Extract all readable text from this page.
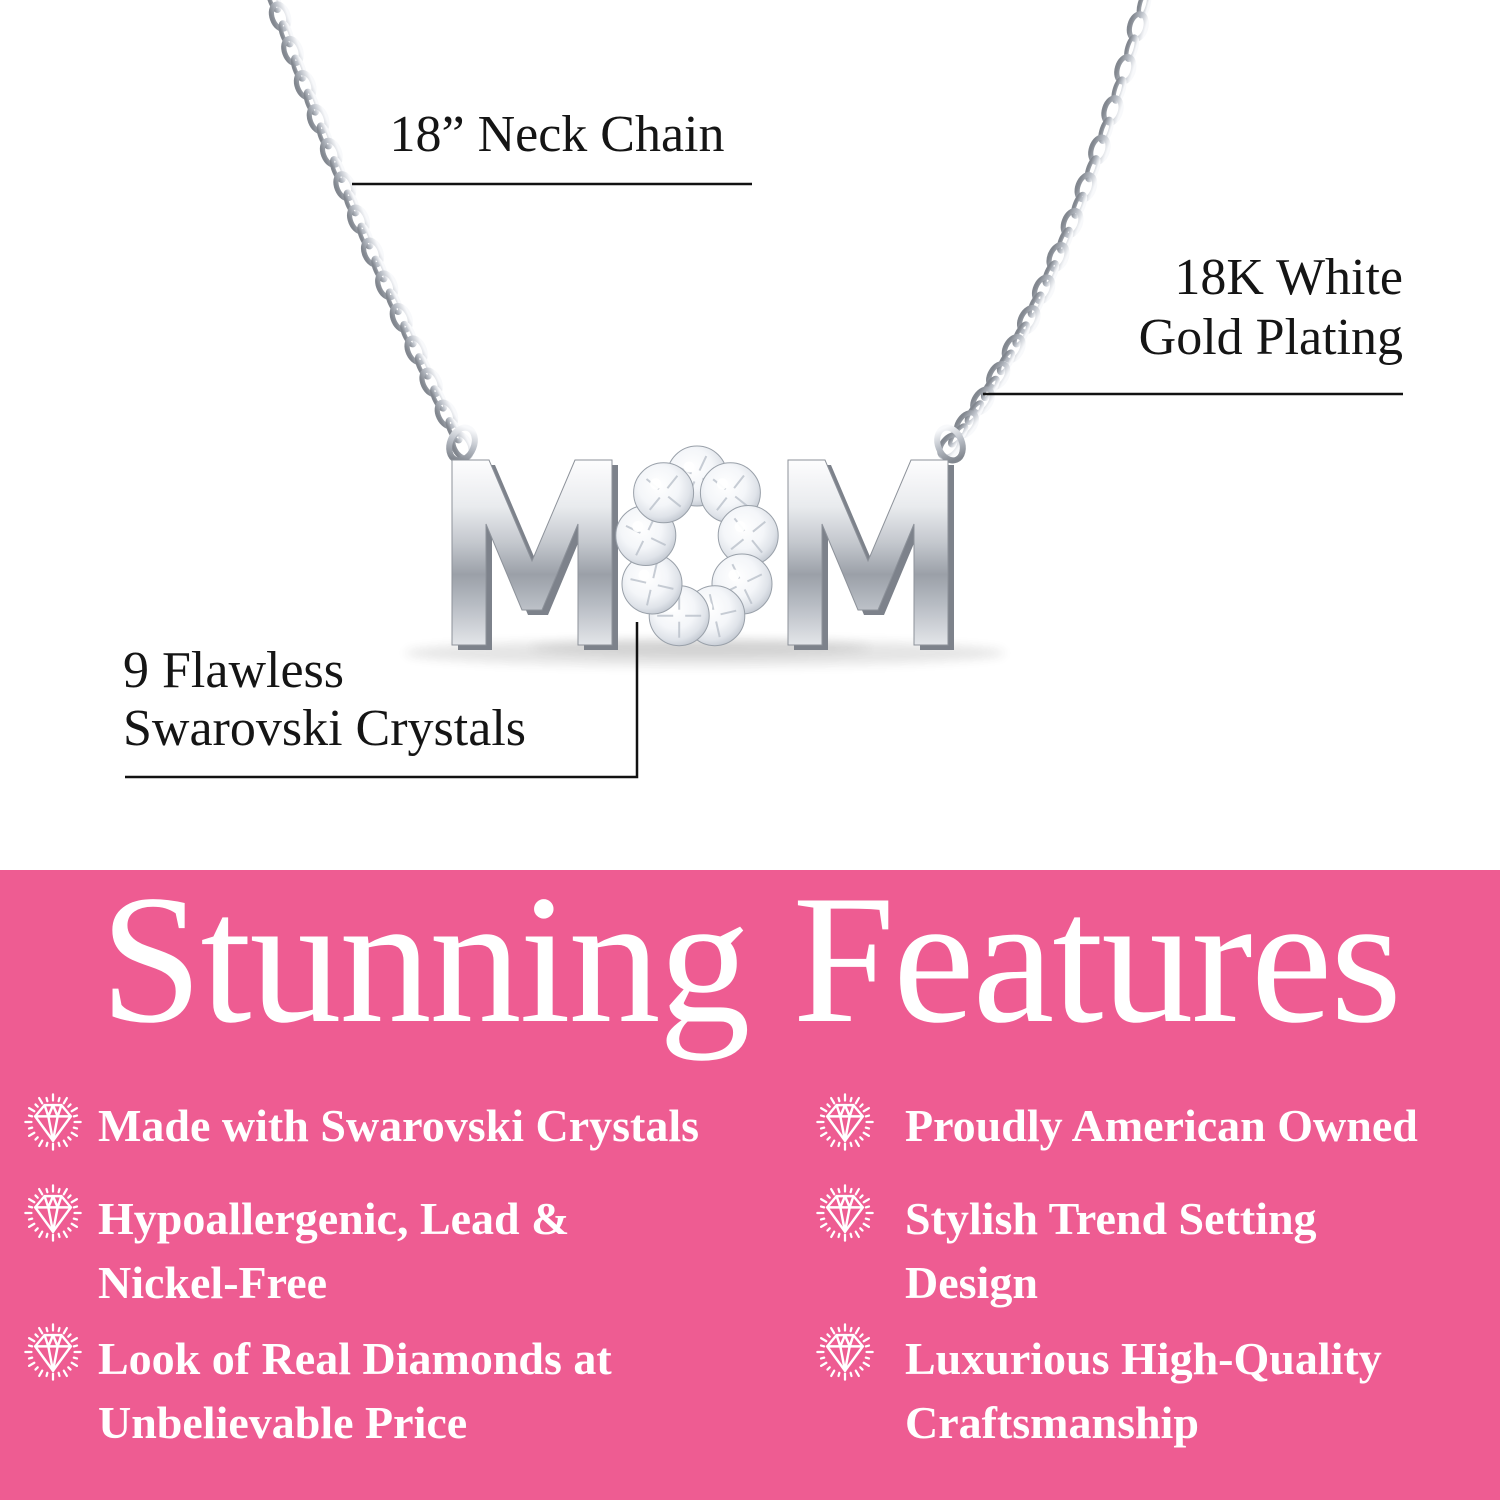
18” Neck Chain
18K White
Gold Plating
9 Flawless
Swarovski Crystals
Stunning Features
Made with Swarovski Crystals
Hypoallergenic, Lead &
Nickel-Free
Look of Real Diamonds at
Unbelievable Price
Proudly American Owned
Stylish Trend Setting
Design
Luxurious High-Quality
Craftsmanship
